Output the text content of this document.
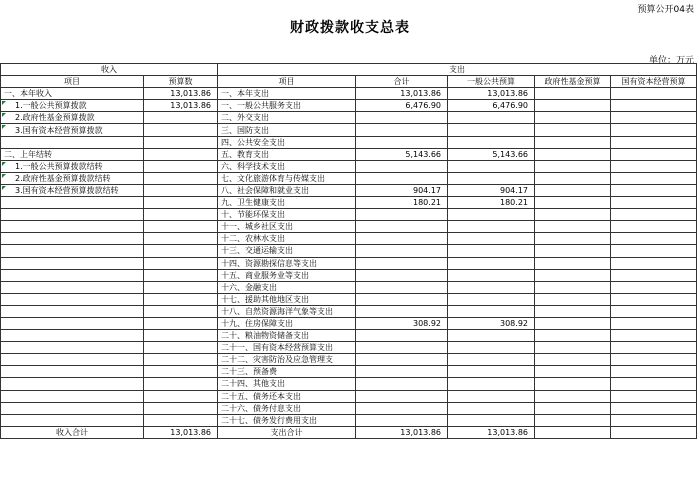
预算公开04表
财政拨款收支总表
单位：万元
收入		支出				
项目	预算数	项目	合计	一般公共预算	政府性基金预算	国有资本经营预算
一、本年收入	13,013.86	一、本年支出	13,013.86	13,013.86		
1.一般公共预算拨款	13,013.86	一、一般公共服务支出	6,476.90	6,476.90		
2.政府性基金预算拨款		二、外交支出				
3.国有资本经营预算拨款		三、国防支出				
		四、公共安全支出				
二、上年结转		五、教育支出	5,143.66	5,143.66		
1.一般公共预算拨款结转		六、科学技术支出				
2.政府性基金预算拨款结转		七、文化旅游体育与传媒支出				
3.国有资本经营预算拨款结转		八、社会保障和就业支出	904.17	904.17		
		九、卫生健康支出	180.21	180.21		
		十、节能环保支出				
		十一、城乡社区支出				
		十二、农林水支出				
		十三、交通运输支出				
		十四、资源勘探信息等支出				
		十五、商业服务业等支出				
		十六、金融支出				
		十七、援助其他地区支出				
		十八、自然资源海洋气象等支出				
		十九、住房保障支出	308.92	308.92		
		二十、粮油物资储备支出				
		二十一、国有资本经营预算支出				
		二十二、灾害防治及应急管理支				
		二十三、预备费				
		二十四、其他支出				
		二十五、债务还本支出				
		二十六、债务付息支出				
		二十七、债务发行费用支出				
收入合计	13,013.86	支出合计	13,013.86	13,013.86		
